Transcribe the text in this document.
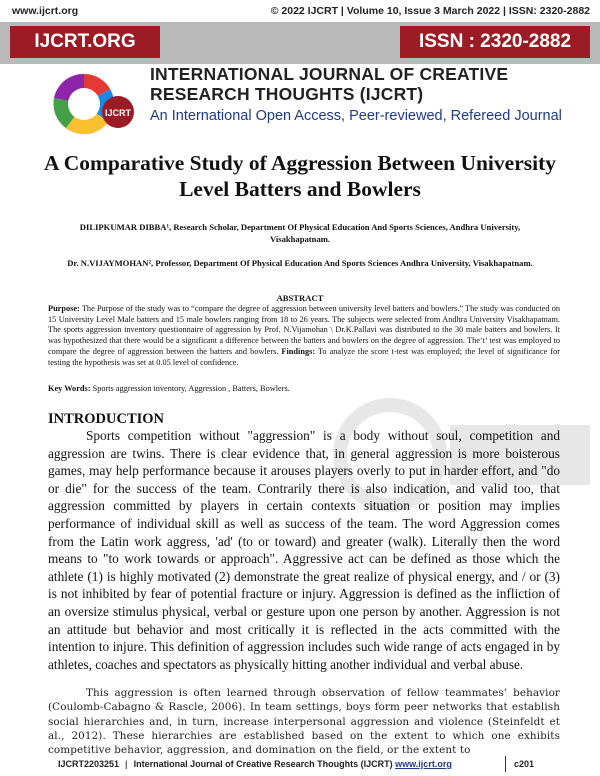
www.ijcrt.org	© 2022 IJCRT | Volume 10, Issue 3 March 2022 | ISSN: 2320-2882
IJCRT.ORG	ISSN : 2320-2882
IJCRT
INTERNATIONAL JOURNAL OF CREATIVE
RESEARCH THOUGHTS (IJCRT)
An International Open Access, Peer-reviewed, Refereed Journal
A Comparative Study of Aggression Between University Level Batters and Bowlers
DILIPKUMAR DIBBA¹, Research Scholar, Department Of Physical Education And Sports Sciences, Andhra University, Visakhapatnam.
Dr. N.VIJAYMOHAN², Professor, Department Of Physical Education And Sports Sciences Andhra University, Visakhapatnam.
ABSTRACT
Purpose: The Purpose of the study was to “compare the degree of aggression between university level batters and bowlers.” The study was conducted on 15 University Level Male batters and 15 male bowlers ranging from 18 to 26 years. The subjects were selected from Andhra University Visakhapatnam. The sports aggression inventory questionnaire of aggression by Prof. N.Vijamohan \ Dr.K.Pallavi was distributed to the 30 male batters and bowlers. It was hypothesized that there would be a significant a difference between the batters and bowlers on the degree of aggression. The‘t’ test was employed to compare the degree of aggression between the batters and bowlers. Findings: To analyze the score t-test was employed; the level of significance for testing the hypothesis was set at 0.05 level of confidence.
Key Words: Sports aggression inventory, Aggression , Batters, Bowlers.
INTRODUCTION
Sports competition without "aggression" is a body without soul, competition and aggression are twins. There is clear evidence that, in general aggression is more boisterous games, may help performance because it arouses players overly to put in harder effort, and "do or die" for the success of the team. Contrarily there is also indication, and valid too, that aggression committed by players in certain contexts situation or position may implies performance of individual skill as well as success of the team. The word Aggression comes from the Latin work aggress, 'ad' (to or toward) and greater (walk). Literally then the word means to "to work towards or approach". Aggressive act can be defined as those which the athlete (1) is highly motivated (2) demonstrate the great realize of physical energy, and / or (3) is not inhibited by fear of potential fracture or injury. Aggression is defined as the infliction of an oversize stimulus physical, verbal or gesture upon one person by another. Aggression is not an attitude but behavior and most critically it is reflected in the acts committed with the intention to injure. This definition of aggression includes such wide range of acts engaged in by athletes, coaches and spectators as physically hitting another individual and verbal abuse.
This aggression is often learned through observation of fellow teammates’ behavior (Coulomb-Cabagno & Rascle, 2006). In team settings, boys form peer networks that establish social hierarchies and, in turn, increase interpersonal aggression and violence (Steinfeldt et al., 2012). These hierarchies are established based on the extent to which one exhibits competitive behavior, aggression, and domination on the field, or the extent to
IJCRT2203251 | International Journal of Creative Research Thoughts (IJCRT) www.ijcrt.org	c201
